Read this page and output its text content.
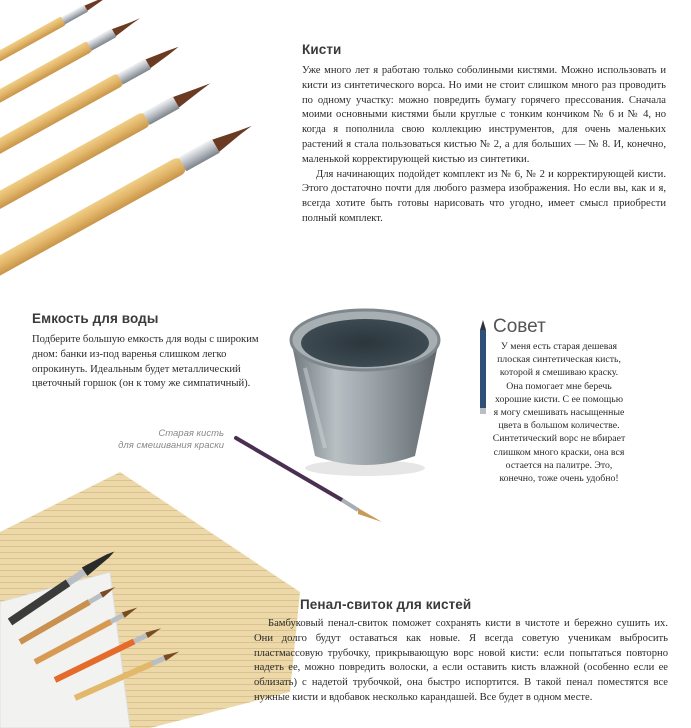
Кисти

Уже много лет я работаю только соболиными кистями. Можно использовать и кисти из синтетического ворса. Но ими не стоит слишком много раз проводить по одному участку: можно повредить бумагу горячего прессования. Сначала моими основными кистями были круглые с тонким кончиком № 6 и № 4, но когда я пополнила свою коллекцию инструментов, для очень маленьких растений я стала пользоваться кистью № 2, а для больших — № 8. И, конечно, маленькой корректирующей кистью из синтетики.

Для начинающих подойдет комплект из № 6, № 2 и корректирующей кисти. Этого достаточно почти для любого размера изображения. Но если вы, как и я, всегда хотите быть готовы нарисовать что угодно, имеет смысл приобрести полный комплект.

Емкость для воды
Подберите большую емкость для воды с широким дном: банки из-под варенья слишком легко опрокинуть. Идеальным будет металлический цветочный горшок (он к тому же симпатичный).
Старая кисть
для смешивания краски
Совет
У меня есть старая дешевая плоская синтетическая кисть, которой я смешиваю краску. Она помогает мне беречь хорошие кисти. С ее помощью я могу смешивать насыщенные цвета в большом количестве. Синтетический ворс не вбирает слишком много краски, она вся остается на палитре. Это, конечно, тоже очень удобно!
Пенал-свиток для кистей
Бамбуковый пенал-свиток поможет сохранять кисти в чистоте и бережно сушить их. Они долго будут оставаться как новые. Я всегда советую ученикам выбросить пластмассовую трубочку, прикрывающую ворс новой кисти: если попытаться повторно надеть ее, можно повредить волоски, а если оставить кисть влажной (особенно если ее облизать) с надетой трубочкой, она быстро испортится. В такой пенал поместятся все нужные кисти и вдобавок несколько карандашей. Все будет в одном месте.
